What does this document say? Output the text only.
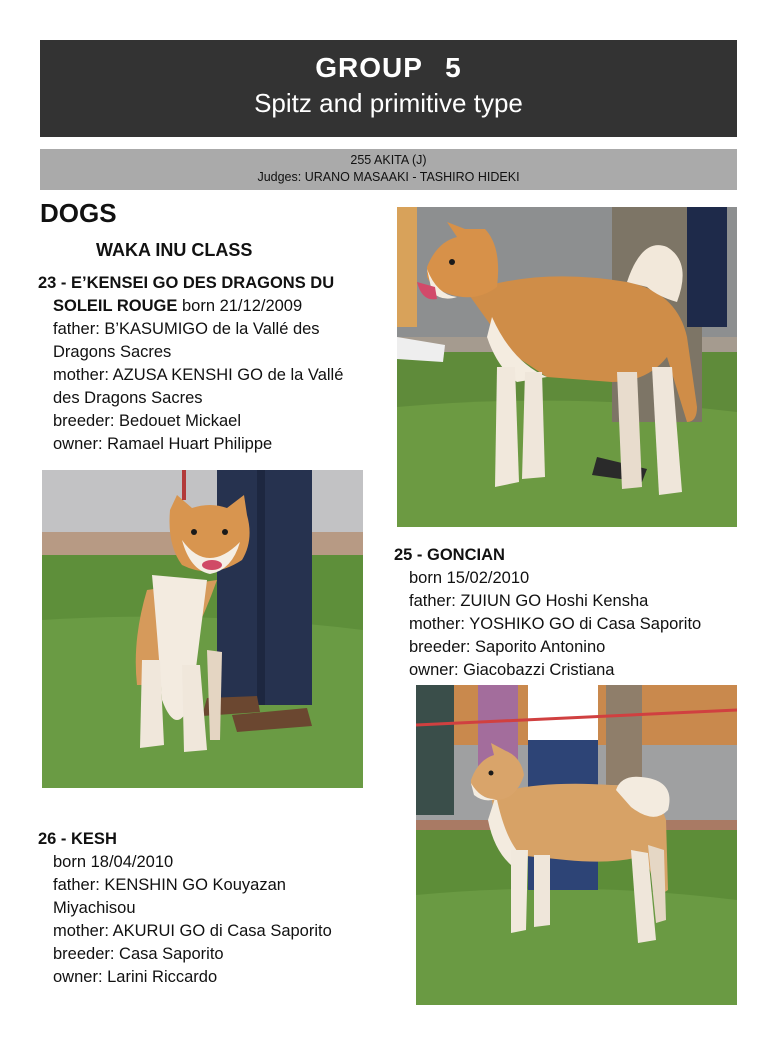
GROUP 5
Spitz and primitive type
255 AKITA (J)
Judges: URANO MASAAKI - TASHIRO HIDEKI
DOGS
WAKA INU CLASS
23 - E’KENSEI GO DES DRAGONS DU
SOLEIL ROUGE born 21/12/2009
father: B’KASUMIGO de la Vallé des
Dragons Sacres
mother: AZUSA KENSHI GO de la Vallé
des Dragons Sacres
breeder: Bedouet Mickael
owner: Ramael Huart Philippe
25 - GONCIAN
born 15/02/2010
father: ZUIUN GO Hoshi Kensha
mother: YOSHIKO GO di Casa Saporito
breeder: Saporito Antonino
owner: Giacobazzi Cristiana
26 - KESH
born 18/04/2010
father: KENSHIN GO Kouyazan
Miyachisou
mother: AKURUI GO di Casa Saporito
breeder: Casa Saporito
owner: Larini Riccardo
